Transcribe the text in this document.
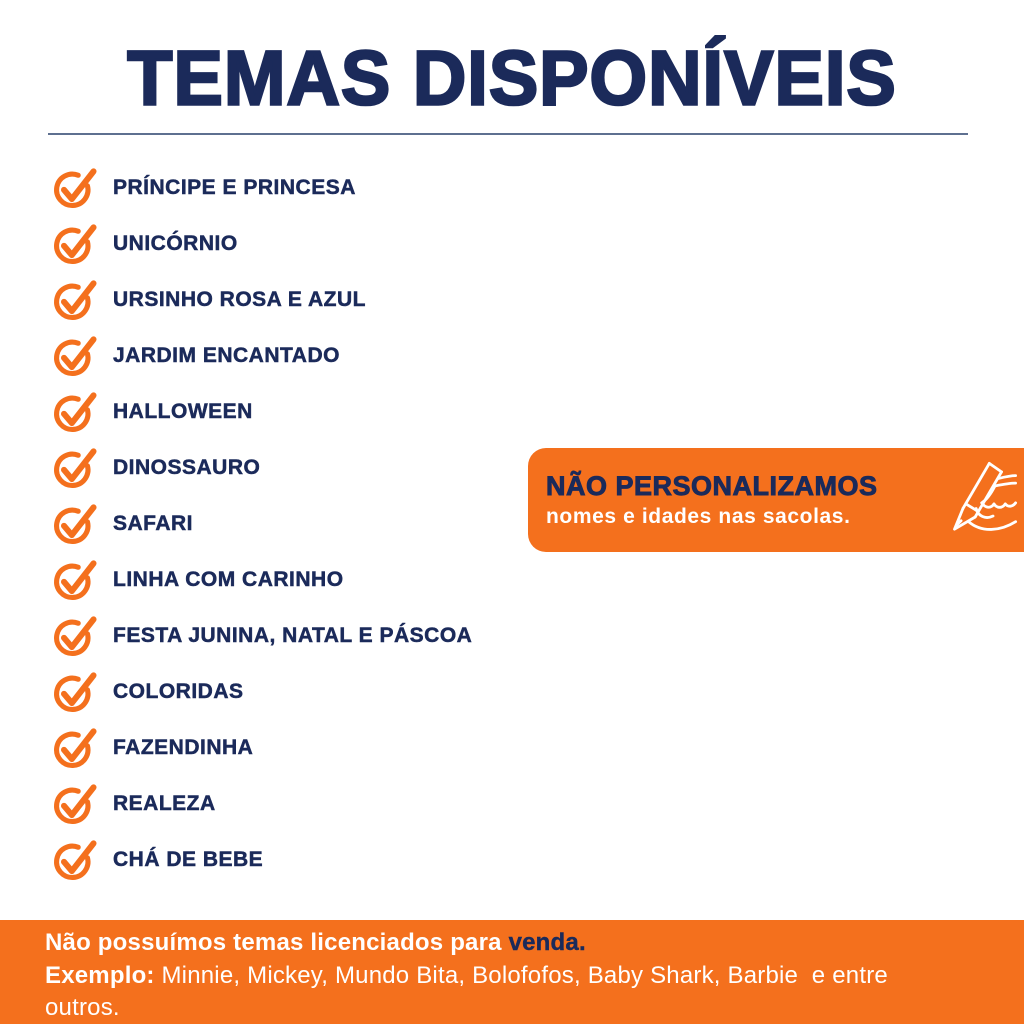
TEMAS DISPONÍVEIS
PRÍNCIPE E PRINCESA
UNICÓRNIO
URSINHO ROSA E AZUL
JARDIM ENCANTADO
HALLOWEEN
DINOSSAURO
SAFARI
LINHA COM CARINHO
FESTA JUNINA, NATAL E PÁSCOA
COLORIDAS
FAZENDINHA
REALEZA
CHÁ DE BEBE
NÃO PERSONALIZAMOS
nomes e idades nas sacolas.
Não possuímos temas licenciados para venda.
Exemplo: Minnie, Mickey, Mundo Bita, Bolofofos, Baby Shark, Barbie  e entre
outros.
